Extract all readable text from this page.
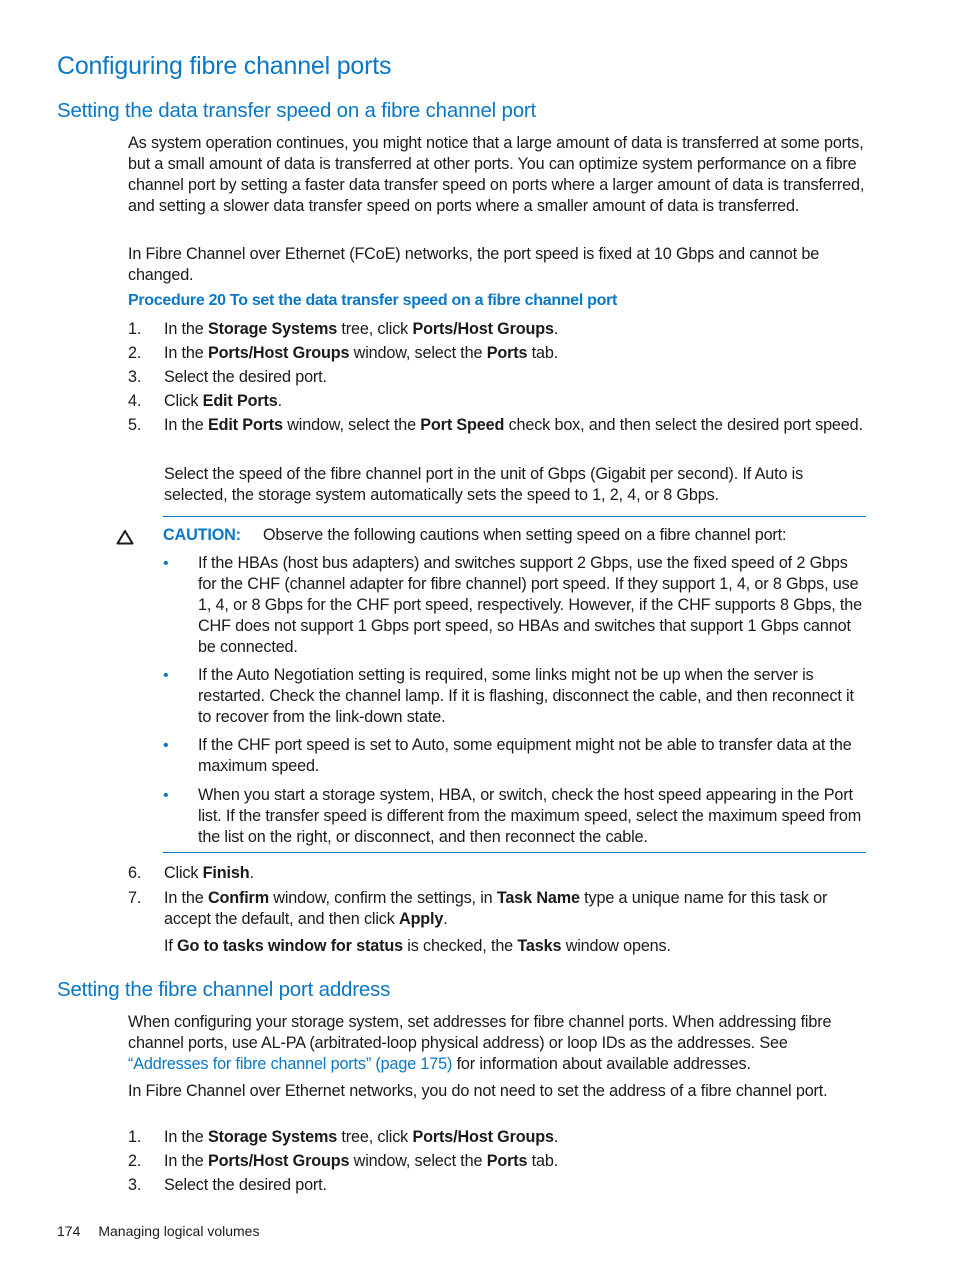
Configuring fibre channel ports
Setting the data transfer speed on a fibre channel port

As system operation continues, you might notice that a large amount of data is transferred at some ports, but a small amount of data is transferred at other ports. You can optimize system performance on a fibre channel port by setting a faster data transfer speed on ports where a larger amount of data is transferred, and setting a slower data transfer speed on ports where a smaller amount of data is transferred.

In Fibre Channel over Ethernet (FCoE) networks, the port speed is fixed at 10 Gbps and cannot be changed.

Procedure 20 To set the data transfer speed on a fibre channel port
1.	In the Storage Systems tree, click Ports/Host Groups.
2.	In the Ports/Host Groups window, select the Ports tab.
3.	Select the desired port.
4.	Click Edit Ports.
5.	In the Edit Ports window, select the Port Speed check box, and then select the desired port speed.

Select the speed of the fibre channel port in the unit of Gbps (Gigabit per second). If Auto is selected, the storage system automatically sets the speed to 1, 2, 4, or 8 Gbps.

CAUTION: Observe the following cautions when setting speed on a fibre channel port:
• If the HBAs (host bus adapters) and switches support 2 Gbps, use the fixed speed of 2 Gbps for the CHF (channel adapter for fibre channel) port speed. If they support 1, 4, or 8 Gbps, use 1, 4, or 8 Gbps for the CHF port speed, respectively. However, if the CHF supports 8 Gbps, the CHF does not support 1 Gbps port speed, so HBAs and switches that support 1 Gbps cannot be connected.
• If the Auto Negotiation setting is required, some links might not be up when the server is restarted. Check the channel lamp. If it is flashing, disconnect the cable, and then reconnect it to recover from the link-down state.
• If the CHF port speed is set to Auto, some equipment might not be able to transfer data at the maximum speed.
• When you start a storage system, HBA, or switch, check the host speed appearing in the Port list. If the transfer speed is different from the maximum speed, select the maximum speed from the list on the right, or disconnect, and then reconnect the cable.
6.	Click Finish.
7.	In the Confirm window, confirm the settings, in Task Name type a unique name for this task or accept the default, and then click Apply.
If Go to tasks window for status is checked, the Tasks window opens.
Setting the fibre channel port address
When configuring your storage system, set addresses for fibre channel ports. When addressing fibre channel ports, use AL-PA (arbitrated-loop physical address) or loop IDs as the addresses. See “Addresses for fibre channel ports” (page 175) for information about available addresses.

In Fibre Channel over Ethernet networks, you do not need to set the address of a fibre channel port.

1.	In the Storage Systems tree, click Ports/Host Groups.
2.	In the Ports/Host Groups window, select the Ports tab.
3.	Select the desired port.
174 Managing logical volumes
